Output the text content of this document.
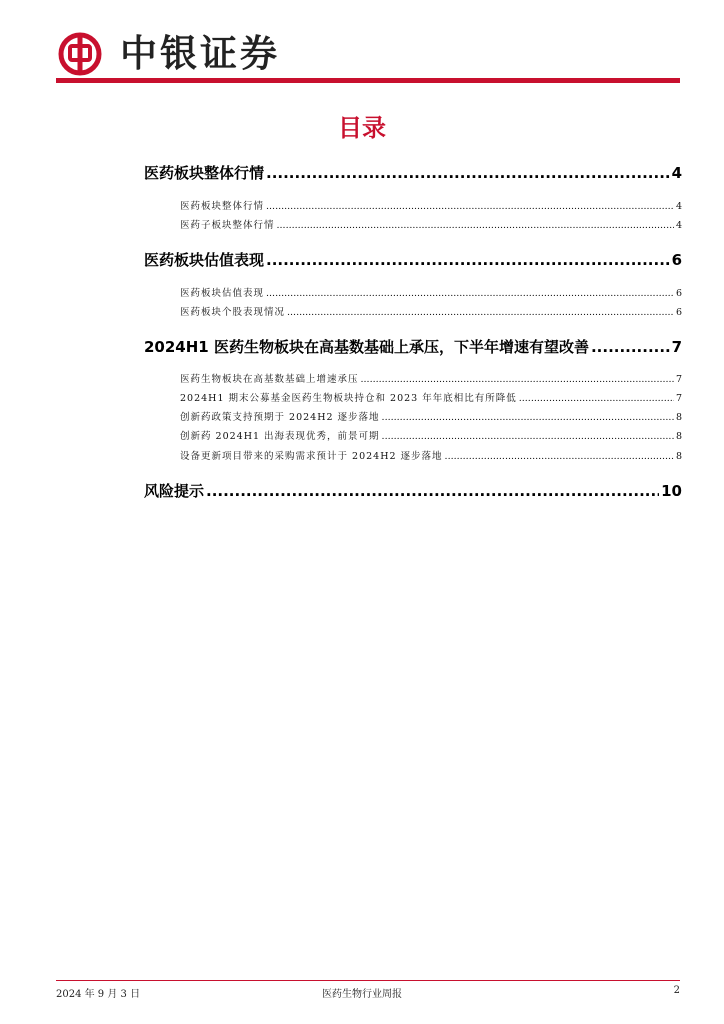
中银证券
目录
医药板块整体行情 .....	4
医药板块整体行情 .....	4
医药子板块整体行情 .....	4
医药板块估值表现 .....	6
医药板块估值表现 .....	6
医药板块个股表现情况 .....	6
2024H1 医药生物板块在高基数基础上承压，下半年增速有望改善 .....	7
医药生物板块在高基数基础上增速承压 .....	7
2024H1 期末公募基金医药生物板块持仓和 2023 年年底相比有所降低 .....	7
创新药政策支持预期于 2024H2 逐步落地 .....	8
创新药 2024H1 出海表现优秀，前景可期 .....	8
设备更新项目带来的采购需求预计于 2024H2 逐步落地 .....	8
风险提示 .....	10
2024 年 9 月 3 日	医药生物行业周报	2
